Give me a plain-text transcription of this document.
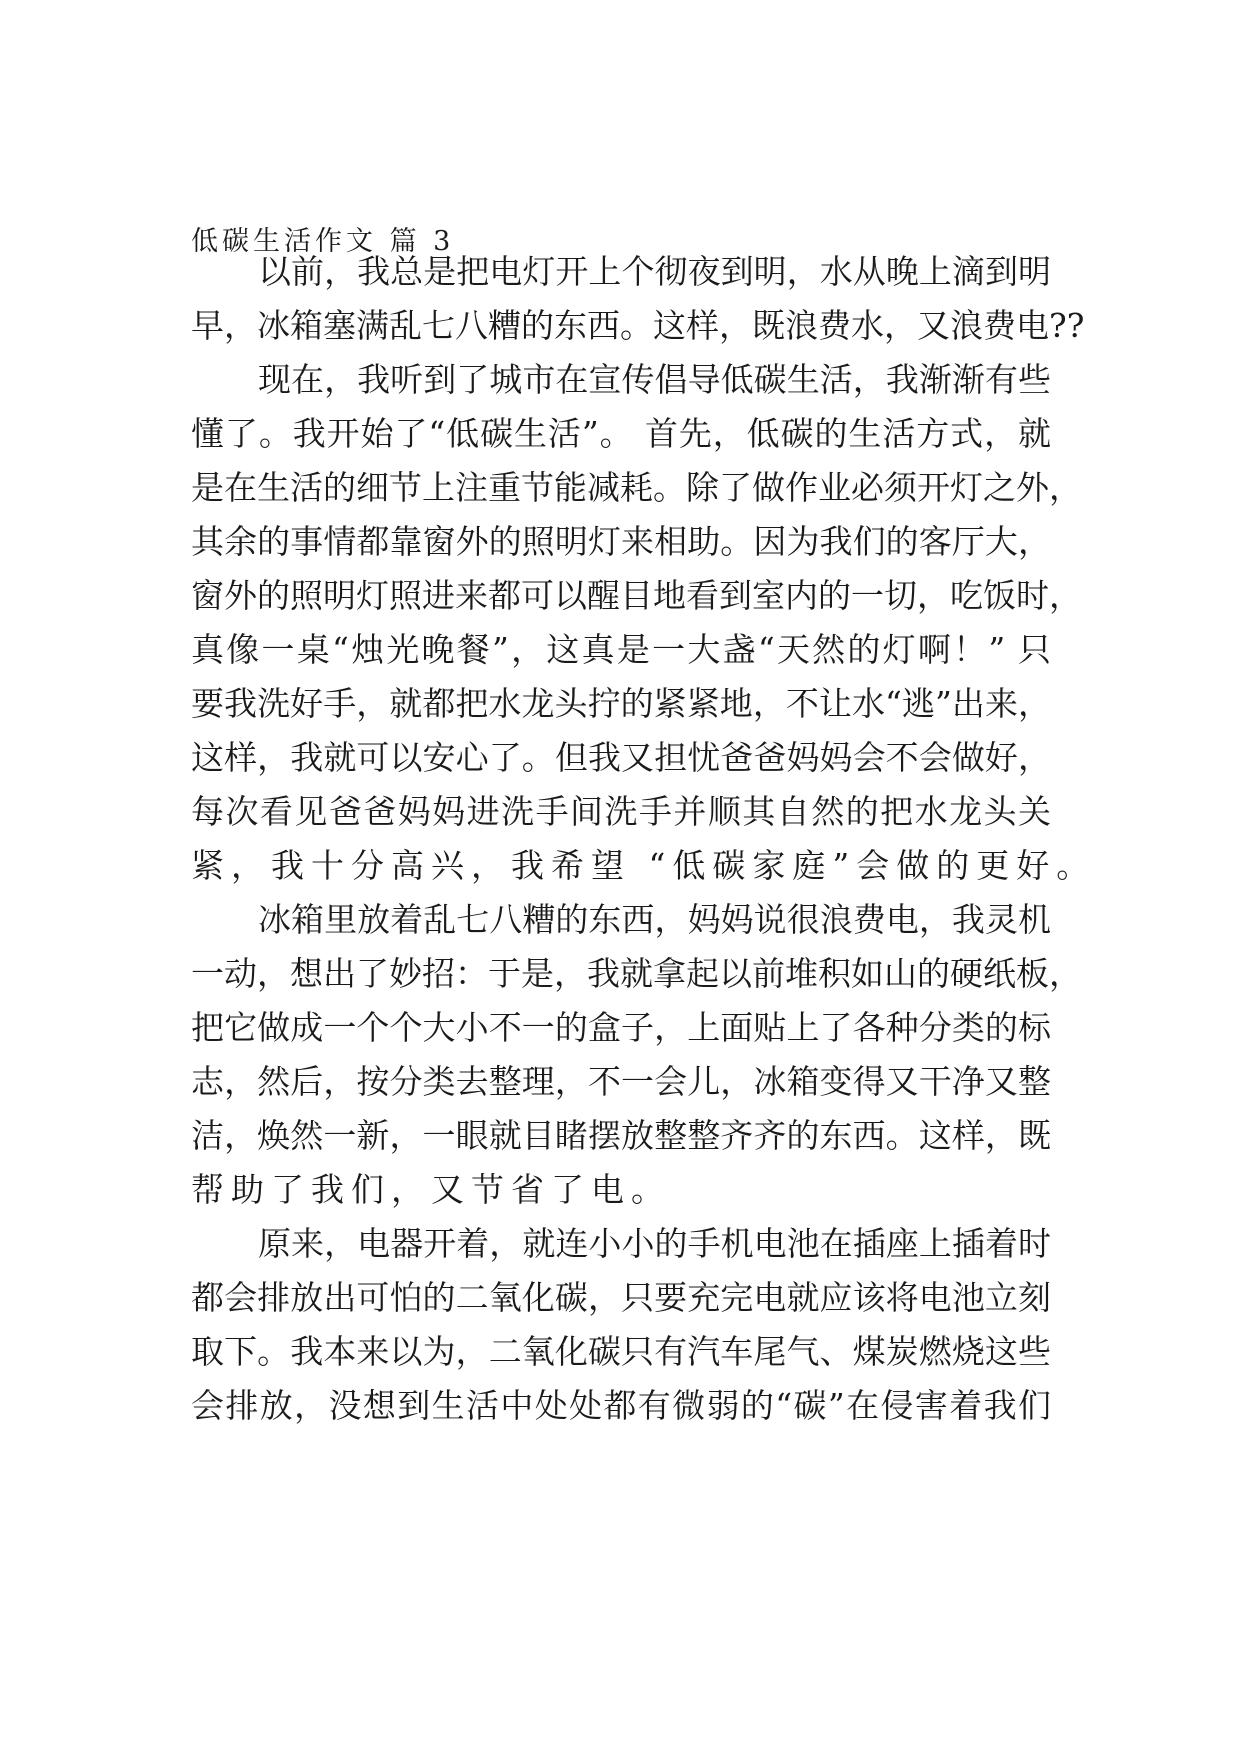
低碳生活作文 篇 3
以前，我总是把电灯开上个彻夜到明，水从晚上滴到明
早，冰箱塞满乱七八糟的东西。这样，既浪费水，又浪费电??
现在，我听到了城市在宣传倡导低碳生活，我渐渐有些
懂了。我开始了“低碳生活”。 首先，低碳的生活方式，就
是在生活的细节上注重节能减耗。除了做作业必须开灯之外，
其余的事情都靠窗外的照明灯来相助。因为我们的客厅大，
窗外的照明灯照进来都可以醒目地看到室内的一切，吃饭时，
真像一桌“烛光晚餐”，这真是一大盏“天然的灯啊！” 只
要我洗好手，就都把水龙头拧的紧紧地，不让水“逃”出来，
这样，我就可以安心了。但我又担忧爸爸妈妈会不会做好，
每次看见爸爸妈妈进洗手间洗手并顺其自然的把水龙头关
紧，我十分高兴，我希望 “低碳家庭”会做的更好。
冰箱里放着乱七八糟的东西，妈妈说很浪费电，我灵机
一动，想出了妙招：于是，我就拿起以前堆积如山的硬纸板，
把它做成一个个大小不一的盒子，上面贴上了各种分类的标
志，然后，按分类去整理，不一会儿，冰箱变得又干净又整
洁，焕然一新，一眼就目睹摆放整整齐齐的东西。这样，既
帮助了我们，又节省了电。
原来，电器开着，就连小小的手机电池在插座上插着时
都会排放出可怕的二氧化碳，只要充完电就应该将电池立刻
取下。我本来以为，二氧化碳只有汽车尾气、煤炭燃烧这些
会排放，没想到生活中处处都有微弱的“碳”在侵害着我们
